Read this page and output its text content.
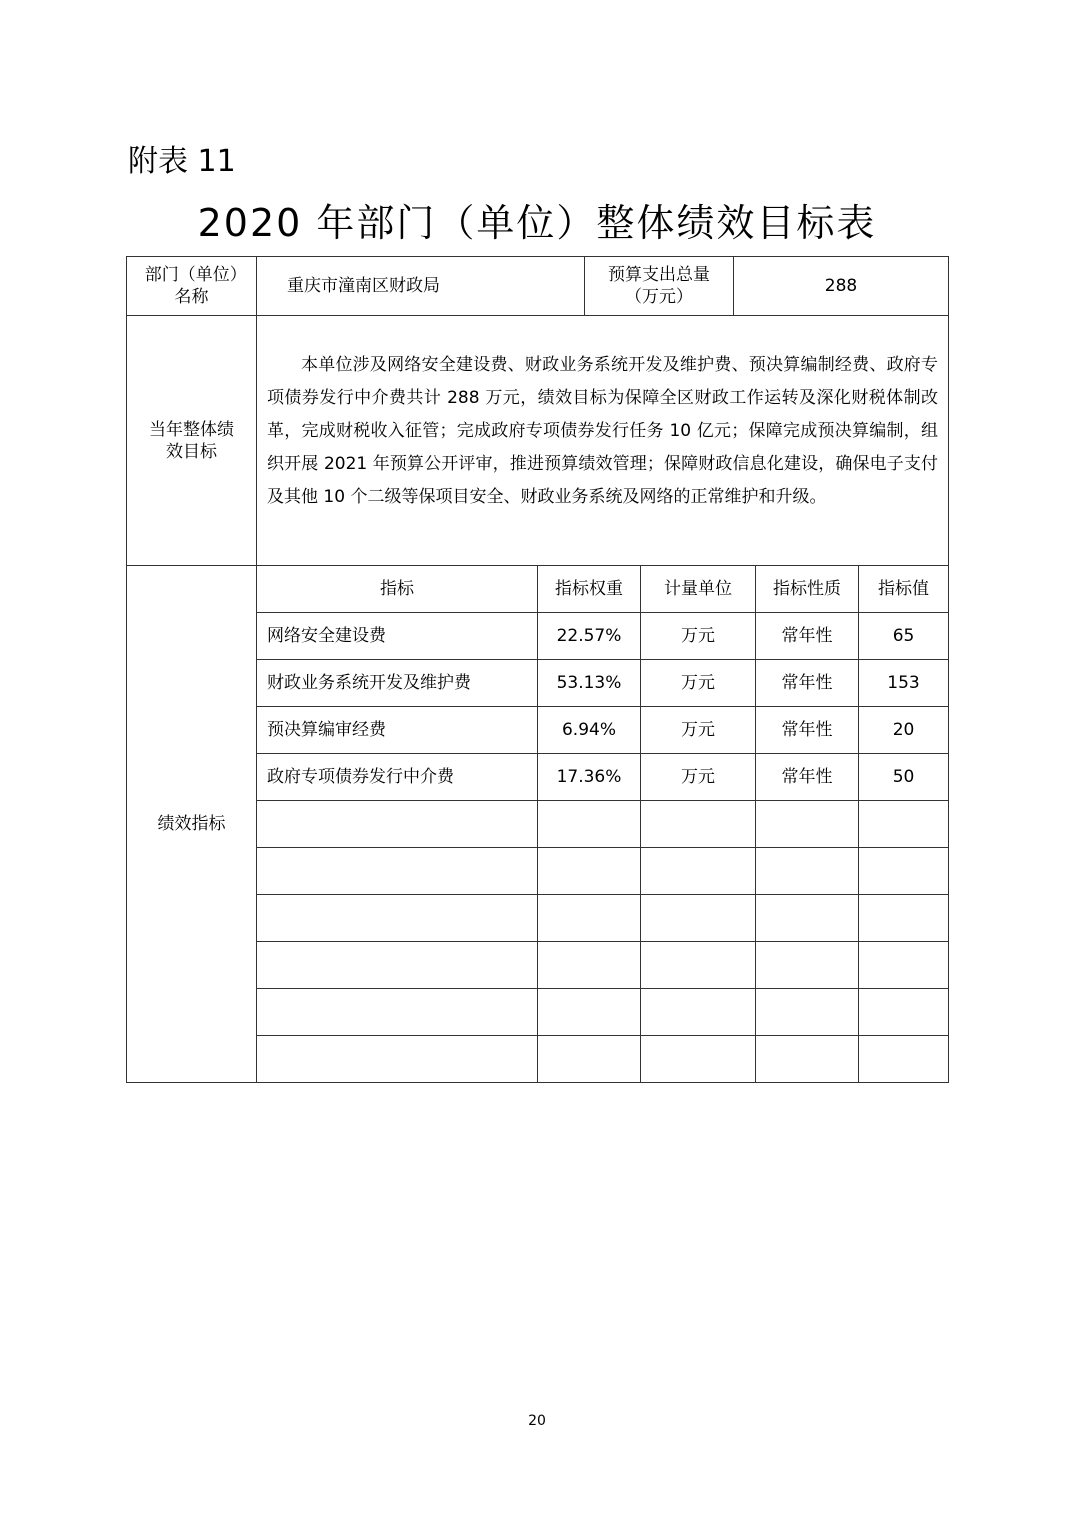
附表 11
2020 年部门（单位）整体绩效目标表
部门（单位）名称	重庆市潼南区财政局		预算支出总量（万元）		288		

当年整体绩效目标	本单位涉及网络安全建设费、财政业务系统开发及维护费、预决算编制经费、政府专项债券发行中介费共计 288 万元，绩效目标为保障全区财政工作运转及深化财税体制改革，完成财税收入征管；完成政府专项债券发行任务 10 亿元；保障完成预决算编制，组织开展 2021 年预算公开评审，推进预算绩效管理；保障财政信息化建设，确保电子支付及其他 10 个二级等保项目安全、财政业务系统及网络的正常维护和升级。						

绩效指标	指标	指标权重		计量单位		指标性质	指标值
	网络安全建设费	22.57%		万元		常年性	65
	财政业务系统开发及维护费	53.13%		万元		常年性	153
	预决算编审经费	6.94%		万元		常年性	20
	政府专项债券发行中介费	17.36%		万元		常年性	50

20
